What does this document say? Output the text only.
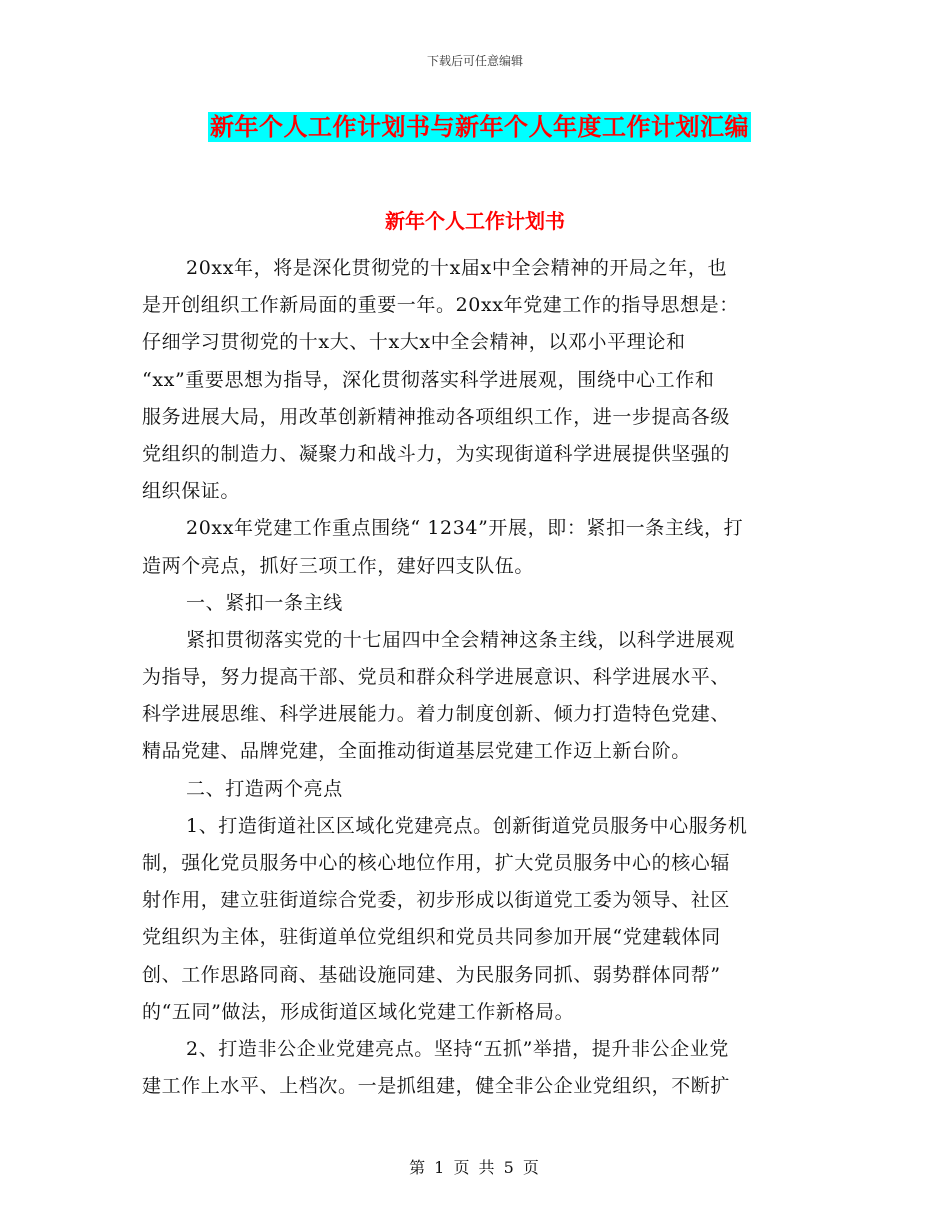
下载后可任意编辑
新年个人工作计划书与新年个人年度工作计划汇编
新年个人工作计划书
20xx年，将是深化贯彻党的十x届x中全会精神的开局之年，也
是开创组织工作新局面的重要一年。20xx年党建工作的指导思想是：
仔细学习贯彻党的十x大、十x大x中全会精神，以邓小平理论和
“xx”重要思想为指导，深化贯彻落实科学进展观，围绕中心工作和
服务进展大局，用改革创新精神推动各项组织工作，进一步提高各级
党组织的制造力、凝聚力和战斗力，为实现街道科学进展提供坚强的
组织保证。
20xx年党建工作重点围绕“ 1234”开展，即：紧扣一条主线，打
造两个亮点，抓好三项工作，建好四支队伍。
一、紧扣一条主线
紧扣贯彻落实党的十七届四中全会精神这条主线，以科学进展观
为指导，努力提高干部、党员和群众科学进展意识、科学进展水平、
科学进展思维、科学进展能力。着力制度创新、倾力打造特色党建、
精品党建、品牌党建，全面推动街道基层党建工作迈上新台阶。
二、打造两个亮点
1、打造街道社区区域化党建亮点。创新街道党员服务中心服务机
制，强化党员服务中心的核心地位作用，扩大党员服务中心的核心辐
射作用，建立驻街道综合党委，初步形成以街道党工委为领导、社区
党组织为主体，驻街道单位党组织和党员共同参加开展“党建载体同
创、工作思路同商、基础设施同建、为民服务同抓、弱势群体同帮”
的“五同”做法，形成街道区域化党建工作新格局。
2、打造非公企业党建亮点。坚持“五抓”举措，提升非公企业党
建工作上水平、上档次。一是抓组建，健全非公企业党组织，不断扩
第 1 页 共 5 页
